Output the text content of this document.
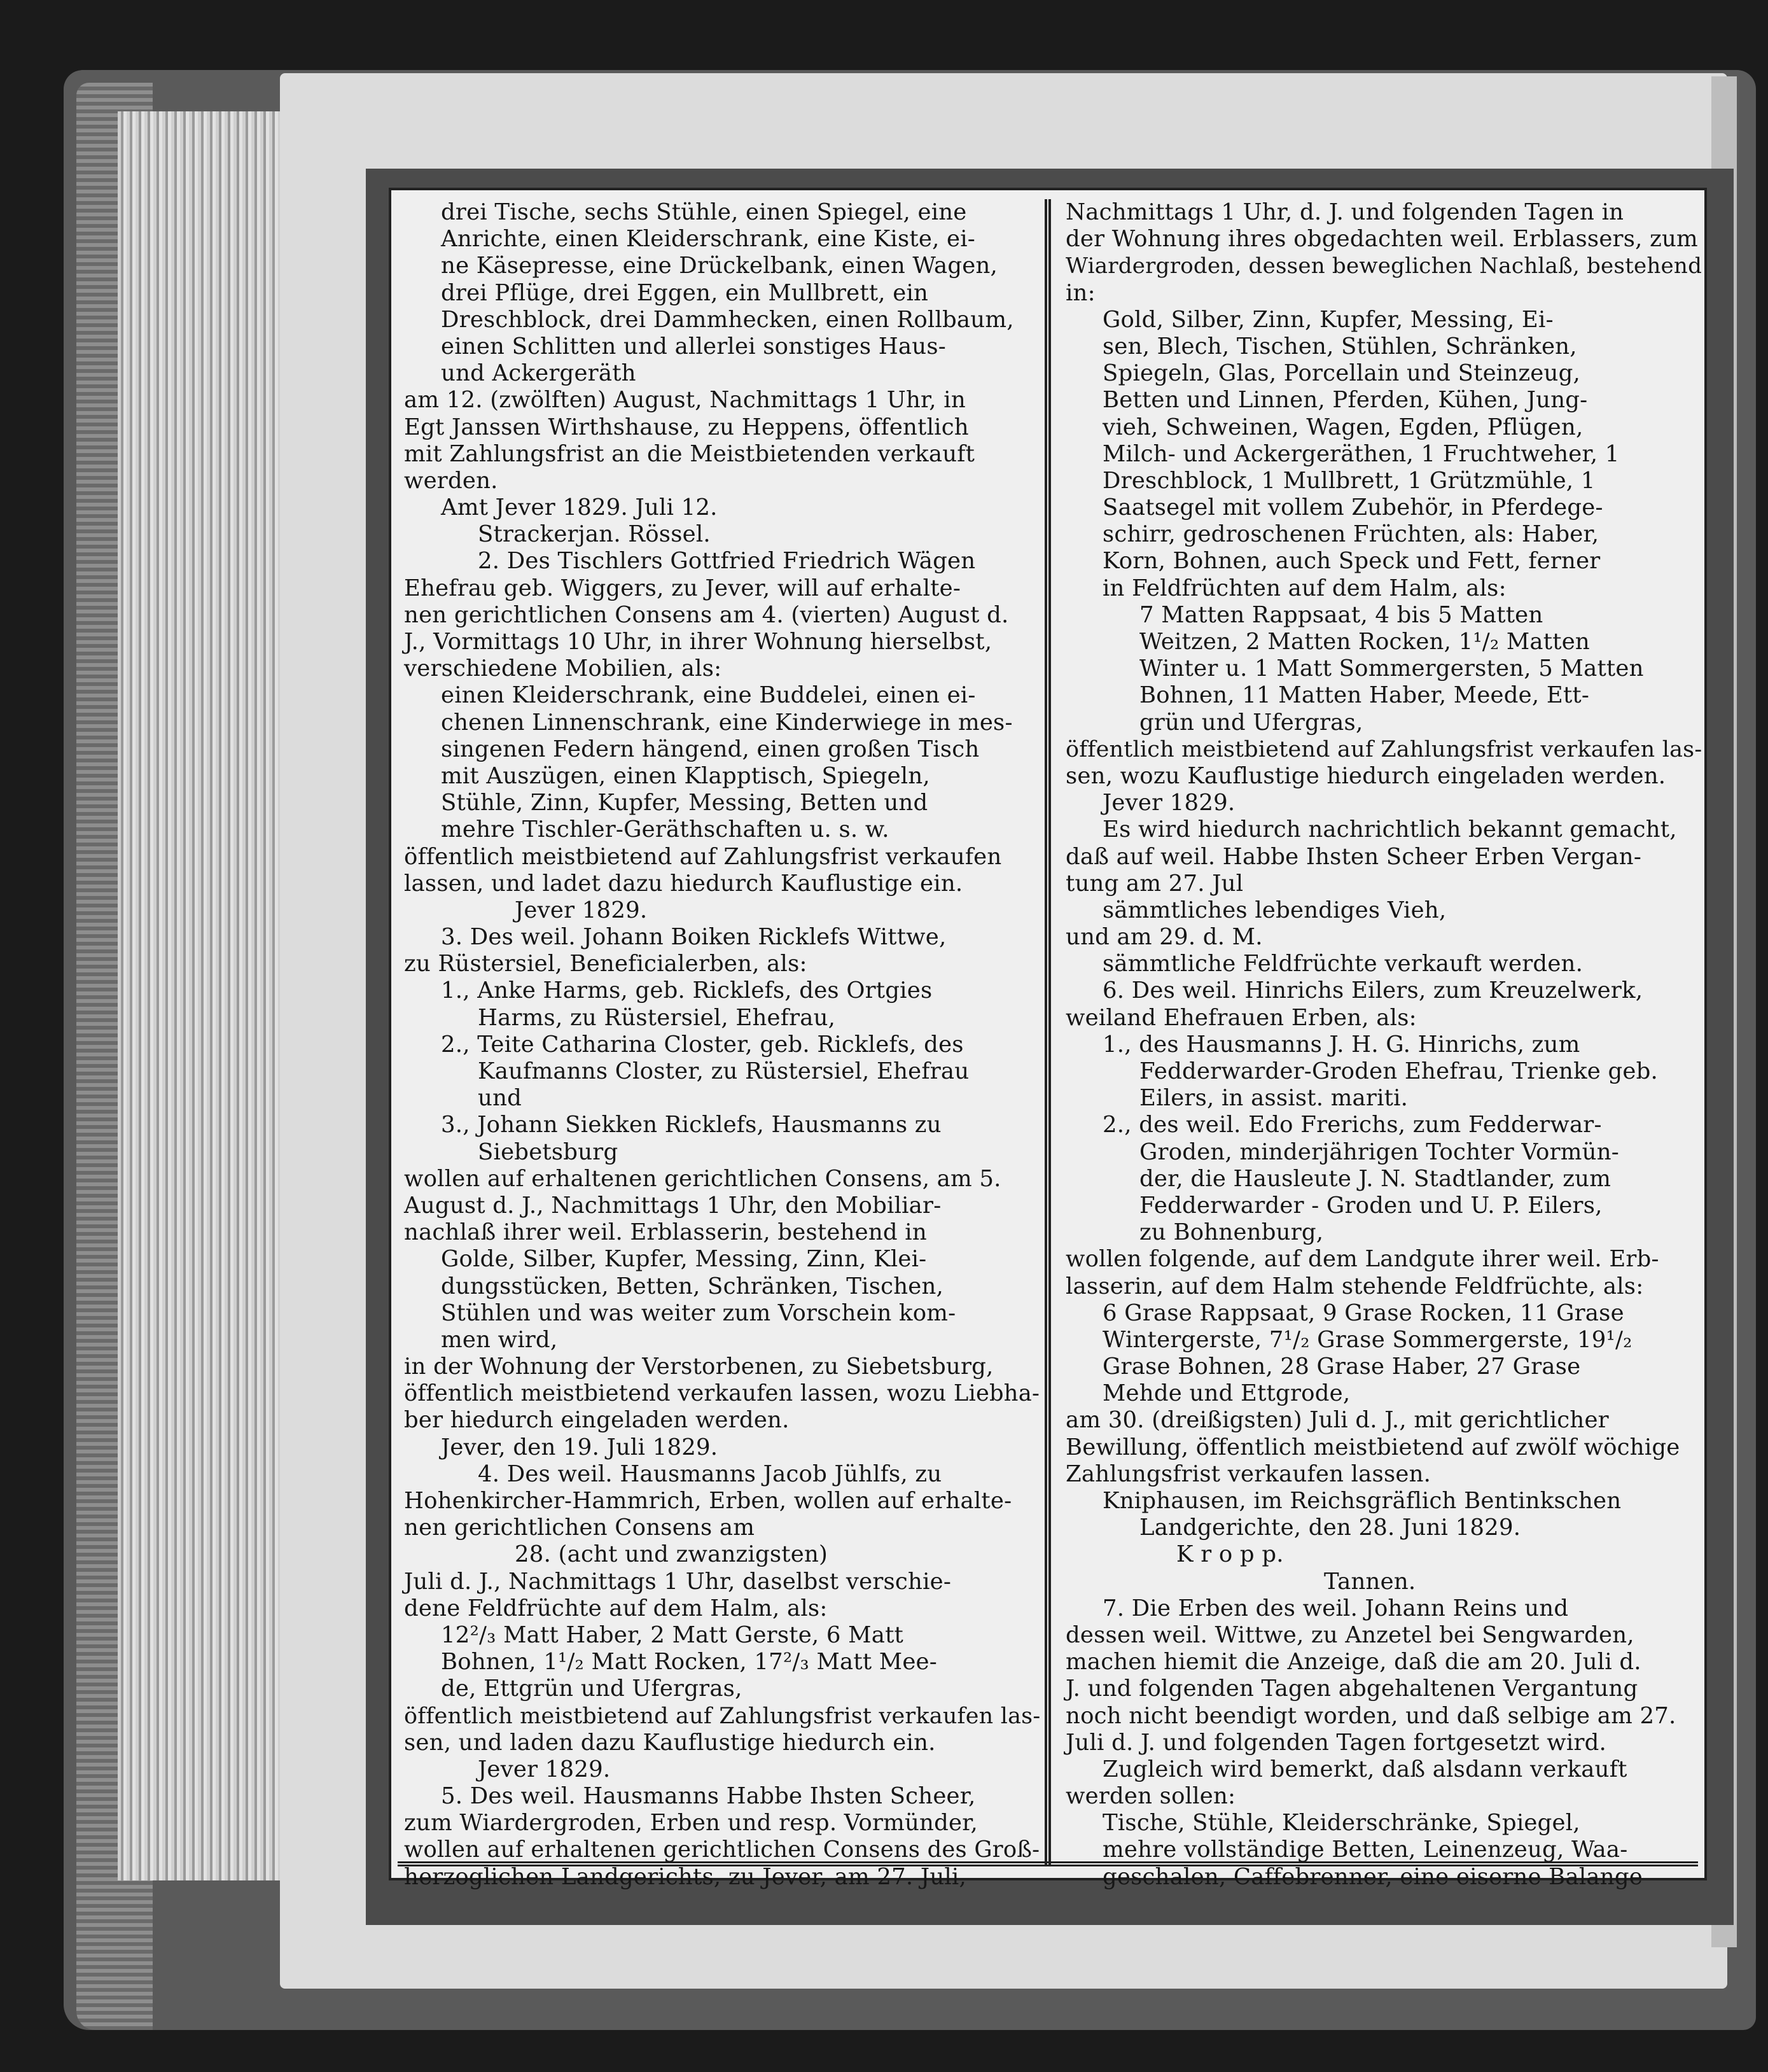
drei Tische, sechs Stühle, einen Spiegel, eine
Anrichte, einen Kleiderschrank, eine Kiste, ei-
ne Käsepresse, eine Drückelbank, einen Wagen,
drei Pflüge, drei Eggen, ein Mullbrett, ein
Dreschblock, drei Dammhecken, einen Rollbaum,
einen Schlitten und allerlei sonstiges Haus-
und Ackergeräth
am 12. (zwölften) August, Nachmittags 1 Uhr, in
Egt Janssen Wirthshause, zu Heppens, öffentlich
mit Zahlungsfrist an die Meistbietenden verkauft
werden.
Amt Jever 1829. Juli 12.
Strackerjan. Rössel.
2. Des Tischlers Gottfried Friedrich Wägen
Ehefrau geb. Wiggers, zu Jever, will auf erhalte-
nen gerichtlichen Consens am 4. (vierten) August d.
J., Vormittags 10 Uhr, in ihrer Wohnung hierselbst,
verschiedene Mobilien, als:
einen Kleiderschrank, eine Buddelei, einen ei-
chenen Linnenschrank, eine Kinderwiege in mes-
singenen Federn hängend, einen großen Tisch
mit Auszügen, einen Klapptisch, Spiegeln,
Stühle, Zinn, Kupfer, Messing, Betten und
mehre Tischler-Geräthschaften u. s. w.
öffentlich meistbietend auf Zahlungsfrist verkaufen
lassen, und ladet dazu hiedurch Kauflustige ein.
Jever 1829.
3. Des weil. Johann Boiken Ricklefs Wittwe,
zu Rüstersiel, Beneficialerben, als:
1., Anke Harms, geb. Ricklefs, des Ortgies
Harms, zu Rüstersiel, Ehefrau,
2., Teite Catharina Closter, geb. Ricklefs, des
Kaufmanns Closter, zu Rüstersiel, Ehefrau
und
3., Johann Siekken Ricklefs, Hausmanns zu
Siebetsburg
wollen auf erhaltenen gerichtlichen Consens, am 5.
August d. J., Nachmittags 1 Uhr, den Mobiliar-
nachlaß ihrer weil. Erblasserin, bestehend in
Golde, Silber, Kupfer, Messing, Zinn, Klei-
dungsstücken, Betten, Schränken, Tischen,
Stühlen und was weiter zum Vorschein kom-
men wird,
in der Wohnung der Verstorbenen, zu Siebetsburg,
öffentlich meistbietend verkaufen lassen, wozu Liebha-
ber hiedurch eingeladen werden.
Jever, den 19. Juli 1829.
4. Des weil. Hausmanns Jacob Jühlfs, zu
Hohenkircher-Hammrich, Erben, wollen auf erhalte-
nen gerichtlichen Consens am
28. (acht und zwanzigsten)
Juli d. J., Nachmittags 1 Uhr, daselbst verschie-
dene Feldfrüchte auf dem Halm, als:
12²/₃ Matt Haber, 2 Matt Gerste, 6 Matt
Bohnen, 1¹/₂ Matt Rocken, 17²/₃ Matt Mee-
de, Ettgrün und Ufergras,
öffentlich meistbietend auf Zahlungsfrist verkaufen las-
sen, und laden dazu Kauflustige hiedurch ein.
Jever 1829.
5. Des weil. Hausmanns Habbe Ihsten Scheer,
zum Wiardergroden, Erben und resp. Vormünder,
wollen auf erhaltenen gerichtlichen Consens des Groß-
herzoglichen Landgerichts, zu Jever, am 27. Juli,
Nachmittags 1 Uhr, d. J. und folgenden Tagen in
der Wohnung ihres obgedachten weil. Erblassers, zum
Wiardergroden, dessen beweglichen Nachlaß, bestehend
in:
Gold, Silber, Zinn, Kupfer, Messing, Ei-
sen, Blech, Tischen, Stühlen, Schränken,
Spiegeln, Glas, Porcellain und Steinzeug,
Betten und Linnen, Pferden, Kühen, Jung-
vieh, Schweinen, Wagen, Egden, Pflügen,
Milch- und Ackergeräthen, 1 Fruchtweher, 1
Dreschblock, 1 Mullbrett, 1 Grützmühle, 1
Saatsegel mit vollem Zubehör, in Pferdege-
schirr, gedroschenen Früchten, als: Haber,
Korn, Bohnen, auch Speck und Fett, ferner
in Feldfrüchten auf dem Halm, als:
7 Matten Rappsaat, 4 bis 5 Matten
Weitzen, 2 Matten Rocken, 1¹/₂ Matten
Winter u. 1 Matt Sommergersten, 5 Matten
Bohnen, 11 Matten Haber, Meede, Ett-
grün und Ufergras,
öffentlich meistbietend auf Zahlungsfrist verkaufen las-
sen, wozu Kauflustige hiedurch eingeladen werden.
Jever 1829.
Es wird hiedurch nachrichtlich bekannt gemacht,
daß auf weil. Habbe Ihsten Scheer Erben Vergan-
tung am 27. Jul
sämmtliches lebendiges Vieh,
und am 29. d. M.
sämmtliche Feldfrüchte verkauft werden.
6. Des weil. Hinrichs Eilers, zum Kreuzelwerk,
weiland Ehefrauen Erben, als:
1., des Hausmanns J. H. G. Hinrichs, zum
Fedderwarder-Groden Ehefrau, Trienke geb.
Eilers, in assist. mariti.
2., des weil. Edo Frerichs, zum Fedderwar-
Groden, minderjährigen Tochter Vormün-
der, die Hausleute J. N. Stadtlander, zum
Fedderwarder - Groden und U. P. Eilers,
zu Bohnenburg,
wollen folgende, auf dem Landgute ihrer weil. Erb-
lasserin, auf dem Halm stehende Feldfrüchte, als:
6 Grase Rappsaat, 9 Grase Rocken, 11 Grase
Wintergerste, 7¹/₂ Grase Sommergerste, 19¹/₂
Grase Bohnen, 28 Grase Haber, 27 Grase
Mehde und Ettgrode,
am 30. (dreißigsten) Juli d. J., mit gerichtlicher
Bewillung, öffentlich meistbietend auf zwölf wöchige
Zahlungsfrist verkaufen lassen.
Kniphausen, im Reichsgräflich Bentinkschen
Landgerichte, den 28. Juni 1829.
K r o p p.
Tannen.
7. Die Erben des weil. Johann Reins und
dessen weil. Wittwe, zu Anzetel bei Sengwarden,
machen hiemit die Anzeige, daß die am 20. Juli d.
J. und folgenden Tagen abgehaltenen Vergantung
noch nicht beendigt worden, und daß selbige am 27.
Juli d. J. und folgenden Tagen fortgesetzt wird.
Zugleich wird bemerkt, daß alsdann verkauft
werden sollen:
Tische, Stühle, Kleiderschränke, Spiegel,
mehre vollständige Betten, Leinenzeug, Waa-
geschalen, Caffebrenner, eine eiserne Balange
